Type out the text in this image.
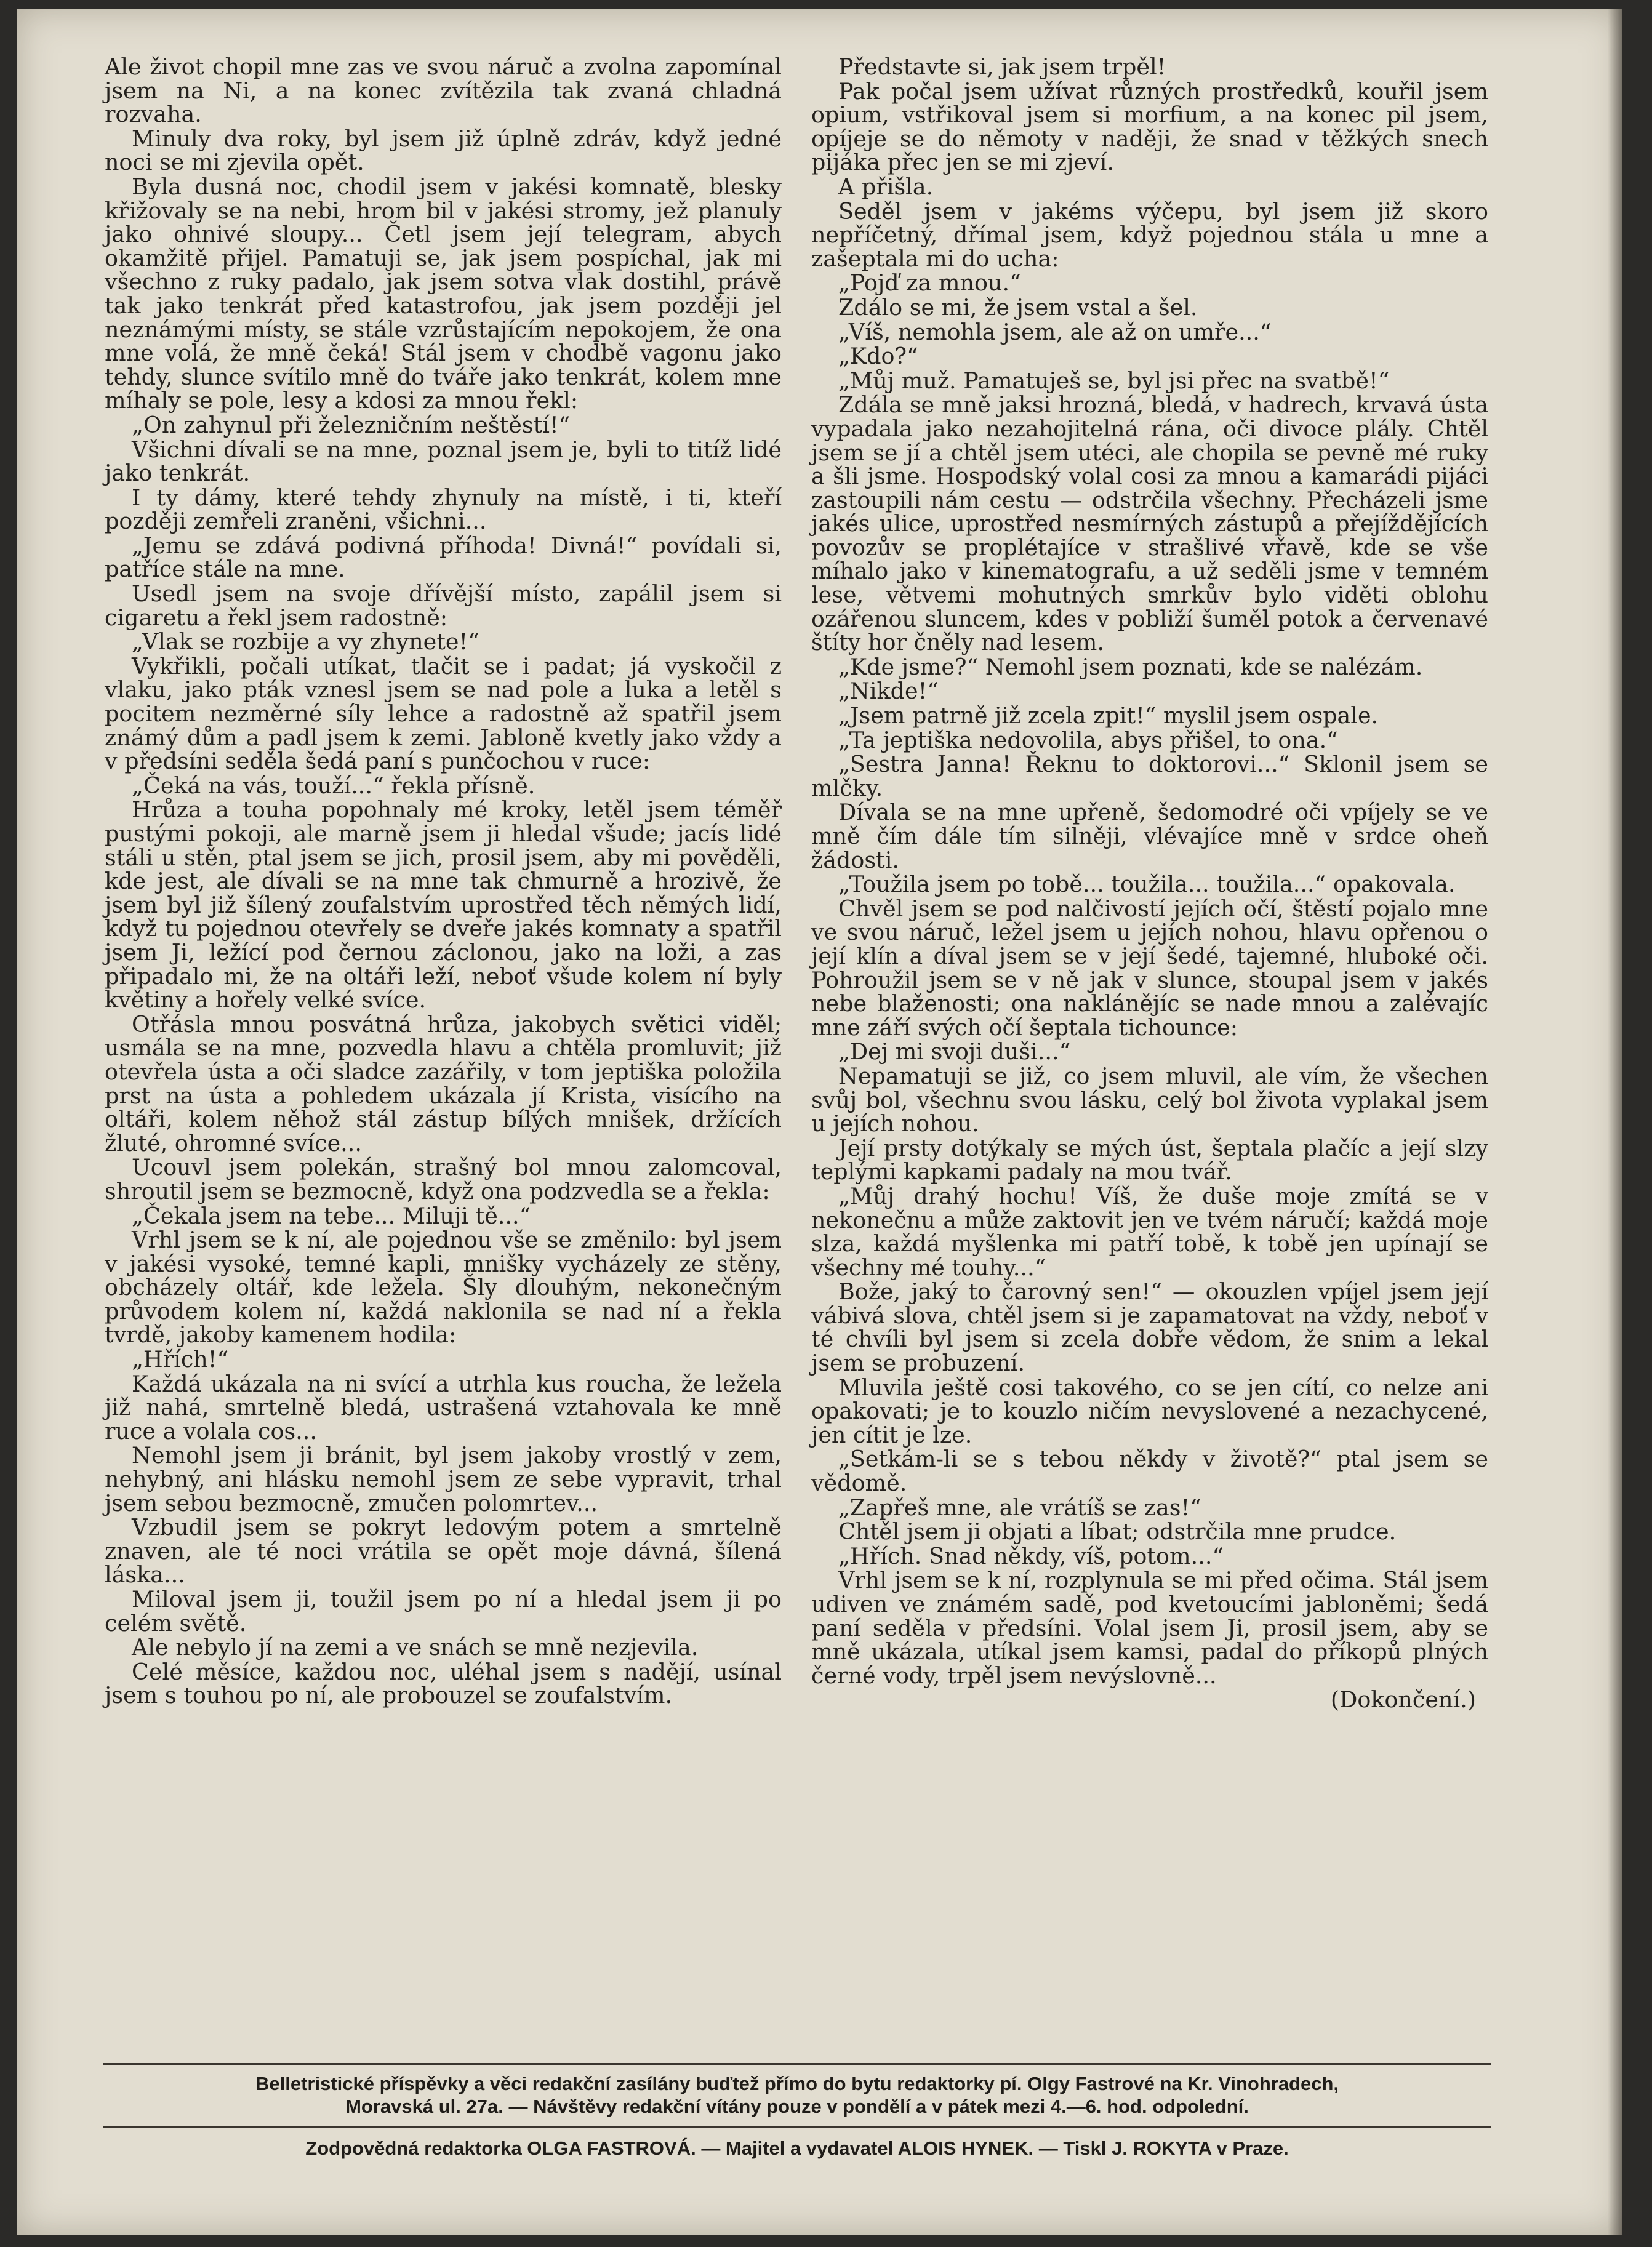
Ale život chopil mne zas ve svou náruč a zvolna zapomínal jsem na Ni, a na konec zvítězila tak zvaná chladná rozvaha.

Minuly dva roky, byl jsem již úplně zdráv, když jedné noci se mi zjevila opět.

Byla dusná noc, chodil jsem v jakési komnatě, blesky křižovaly se na nebi, hrom bil v jakési stromy, jež planuly jako ohnivé sloupy... Četl jsem její telegram, abych okamžitě přijel. Pamatuji se, jak jsem pospíchal, jak mi všechno z ruky padalo, jak jsem sotva vlak dostihl, právě tak jako tenkrát před katastrofou, jak jsem později jel neznámými místy, se stále vzrůstajícím nepokojem, že ona mne volá, že mně čeká! Stál jsem v chodbě vagonu jako tehdy, slunce svítilo mně do tváře jako tenkrát, kolem mne míhaly se pole, lesy a kdosi za mnou řekl:

„On zahynul při železničním neštěstí!“

Všichni dívali se na mne, poznal jsem je, byli to titíž lidé jako tenkrát.

I ty dámy, které tehdy zhynuly na místě, i ti, kteří později zemřeli zraněni, všichni...

„Jemu se zdává podivná příhoda! Divná!“ povídali si, patříce stále na mne.

Usedl jsem na svoje dřívější místo, zapálil jsem si cigaretu a řekl jsem radostně:

„Vlak se rozbije a vy zhynete!“

Vykřikli, počali utíkat, tlačit se i padat; já vyskočil z vlaku, jako pták vznesl jsem se nad pole a luka a letěl s pocitem nezměrné síly lehce a radostně až spatřil jsem známý dům a padl jsem k zemi. Jabloně kvetly jako vždy a v předsíni seděla šedá paní s punčochou v ruce:

„Čeká na vás, touží...“ řekla přísně.

Hrůza a touha popohnaly mé kroky, letěl jsem téměř pustými pokoji, ale marně jsem ji hledal všude; jacís lidé stáli u stěn, ptal jsem se jich, prosil jsem, aby mi pověděli, kde jest, ale dívali se na mne tak chmurně a hrozivě, že jsem byl již šílený zoufalstvím uprostřed těch němých lidí, když tu pojednou otevřely se dveře jakés komnaty a spatřil jsem Ji, ležící pod černou záclonou, jako na loži, a zas připadalo mi, že na oltáři leží, neboť všude kolem ní byly květiny a hořely velké svíce.

Otřásla mnou posvátná hrůza, jakobych světici viděl; usmála se na mne, pozvedla hlavu a chtěla promluvit; již otevřela ústa a oči sladce zazářily, v tom jeptiška položila prst na ústa a pohledem ukázala jí Krista, visícího na oltáři, kolem něhož stál zástup bílých mnišek, držících žluté, ohromné svíce...

Ucouvl jsem polekán, strašný bol mnou zalomcoval, shroutil jsem se bezmocně, když ona podzvedla se a řekla:

„Čekala jsem na tebe... Miluji tě...“

Vrhl jsem se k ní, ale pojednou vše se změnilo: byl jsem v jakési vysoké, temné kapli, mnišky vycházely ze stěny, obcházely oltář, kde ležela. Šly dlouhým, nekonečným průvodem kolem ní, každá naklonila se nad ní a řekla tvrdě, jakoby kamenem hodila:

„Hřích!“

Každá ukázala na ni svící a utrhla kus roucha, že ležela již nahá, smrtelně bledá, ustrašená vztahovala ke mně ruce a volala cos...

Nemohl jsem ji bránit, byl jsem jakoby vrostlý v zem, nehybný, ani hlásku nemohl jsem ze sebe vypravit, trhal jsem sebou bezmocně, zmučen polomrtev...

Vzbudil jsem se pokryt ledovým potem a smrtelně znaven, ale té noci vrátila se opět moje dávná, šílená láska...

Miloval jsem ji, toužil jsem po ní a hledal jsem ji po celém světě.

Ale nebylo jí na zemi a ve snách se mně nezjevila.

Celé měsíce, každou noc, uléhal jsem s nadějí, usínal jsem s touhou po ní, ale probouzel se zoufalstvím.

Představte si, jak jsem trpěl!

Pak počal jsem užívat různých prostředků, kouřil jsem opium, vstřikoval jsem si morfium, a na konec pil jsem, opíjeje se do němoty v naději, že snad v těžkých snech pijáka přec jen se mi zjeví.

A přišla.

Seděl jsem v jakéms výčepu, byl jsem již skoro nepříčetný, dřímal jsem, když pojednou stála u mne a zašeptala mi do ucha:

„Pojď za mnou.“

Zdálo se mi, že jsem vstal a šel.

„Víš, nemohla jsem, ale až on umře...“

„Kdo?“

„Můj muž. Pamatuješ se, byl jsi přec na svatbě!“

Zdála se mně jaksi hrozná, bledá, v hadrech, krvavá ústa vypadala jako nezahojitelná rána, oči divoce plály. Chtěl jsem se jí a chtěl jsem utéci, ale chopila se pevně mé ruky a šli jsme. Hospodský volal cosi za mnou a kamarádi pijáci zastoupili nám cestu — odstrčila všechny. Přecházeli jsme jakés ulice, uprostřed nesmírných zástupů a přejíždějících povozův se proplétajíce v strašlivé vřavě, kde se vše míhalo jako v kinematografu, a už seděli jsme v temném lese, větvemi mohutných smrkův bylo viděti oblohu ozářenou sluncem, kdes v pobliží šuměl potok a červenavé štíty hor čněly nad lesem.

„Kde jsme?“ Nemohl jsem poznati, kde se nalézám.

„Nikde!“

„Jsem patrně již zcela zpit!“ myslil jsem ospale.

„Ta jeptiška nedovolila, abys přišel, to ona.“

„Sestra Janna! Řeknu to doktorovi...“ Sklonil jsem se mlčky.

Dívala se na mne upřeně, šedomodré oči vpíjely se ve mně čím dále tím silněji, vlévajíce mně v srdce oheň žádosti.

„Toužila jsem po tobě... toužila... toužila...“ opakovala.

Chvěl jsem se pod nalčivostí jejích očí, štěstí pojalo mne ve svou náruč, ležel jsem u jejích nohou, hlavu opřenou o její klín a díval jsem se v její šedé, tajemné, hluboké oči. Pohroužil jsem se v ně jak v slunce, stoupal jsem v jakés nebe blaženosti; ona naklánějíc se nade mnou a zalévajíc mne září svých očí šeptala tichounce:

„Dej mi svoji duši...“

Nepamatuji se již, co jsem mluvil, ale vím, že všechen svůj bol, všechnu svou lásku, celý bol života vyplakal jsem u jejích nohou.

Její prsty dotýkaly se mých úst, šeptala plačíc a její slzy teplými kapkami padaly na mou tvář.

„Můj drahý hochu! Víš, že duše moje zmítá se v nekonečnu a může zaktovit jen ve tvém náručí; každá moje slza, každá myšlenka mi patří tobě, k tobě jen upínají se všechny mé touhy...“

Bože, jaký to čarovný sen!“ — okouzlen vpíjel jsem její vábivá slova, chtěl jsem si je zapamatovat na vždy, neboť v té chvíli byl jsem si zcela dobře vědom, že snim a lekal jsem se probuzení.

Mluvila ještě cosi takového, co se jen cítí, co nelze ani opakovati; je to kouzlo ničím nevyslovené a nezachycené, jen cítit je lze.

„Setkám-li se s tebou někdy v životě?“ ptal jsem se vědomě.

„Zapřeš mne, ale vrátíš se zas!“

Chtěl jsem ji objati a líbat; odstrčila mne prudce.

„Hřích. Snad někdy, víš, potom...“

Vrhl jsem se k ní, rozplynula se mi před očima. Stál jsem udiven ve známém sadě, pod kvetoucími jabloněmi; šedá paní seděla v předsíni. Volal jsem Ji, prosil jsem, aby se mně ukázala, utíkal jsem kamsi, padal do příkopů plných černé vody, trpěl jsem nevýslovně...

(Dokončení.)

Belletristické příspěvky a věci redakční zasílány buďtež přímo do bytu redaktorky pí. Olgy Fastrové na Kr. Vinohradech,
Moravská ul. 27a. — Návštěvy redakční vítány pouze v pondělí a v pátek mezi 4.—6. hod. odpolední.
Zodpovědná redaktorka OLGA FASTROVÁ. — Majitel a vydavatel ALOIS HYNEK. — Tiskl J. ROKYTA v Praze.
